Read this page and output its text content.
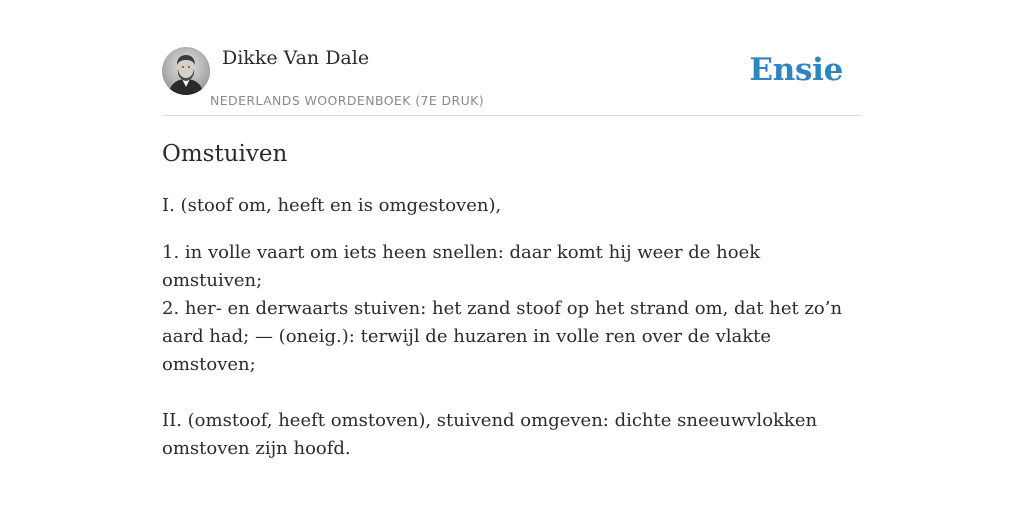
Dikke Van Dale
NEDERLANDS WOORDENBOEK (7E DRUK)
Ensie
Omstuiven

I. (stoof om, heeft en is omgestoven),

1. in volle vaart om iets heen snellen: daar komt hij weer de hoek omstuiven;
2. her- en derwaarts stuiven: het zand stoof op het strand om, dat het zo’n aard had; — (oneig.): terwijl de huzaren in volle ren over de vlakte omstoven;

II. (omstoof, heeft omstoven), stuivend omgeven: dichte sneeuwvlokken omstoven zijn hoofd.
